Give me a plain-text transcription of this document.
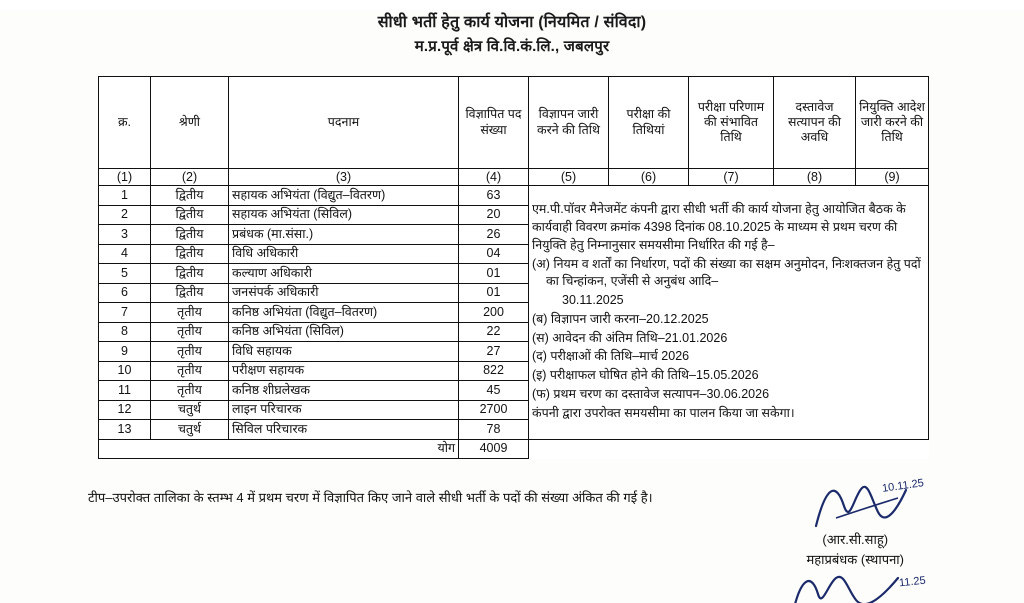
सीधी भर्ती हेतु कार्य योजना (नियमित / संविदा)
म.प्र.पूर्व क्षेत्र वि.वि.कं.लि., जबलपुर
क्र.	श्रेणी	पदनाम	विज्ञापित पद संख्या	विज्ञापन जारी करने की तिथि	परीक्षा की तिथियां	परीक्षा परिणाम की संभावित तिथि	दस्तावेज सत्यापन की अवधि	नियुक्ति आदेश जारी करने की तिथि
(1)	(2)	(3)	(4)	(5)	(6)	(7)	(8)	(9)
1	द्वितीय	सहायक अभियंता (विद्युत–वितरण)	63	

एम.पी.पॉवर मैनेजमेंट कंपनी द्वारा सीधी भर्ती की कार्य योजना हेतु आयोजित बैठक के कार्यवाही विवरण क्रमांक 4398 दिनांक 08.10.2025 के माध्यम से प्रथम चरण की नियुक्ति हेतु निम्नानुसार समयसीमा निर्धारित की गई है–

(अ) नियम व शर्तों का निर्धारण, पदों की संख्या का सक्षम अनुमोदन, निःशक्तजन हेतु पदों का चिन्हांकन, एजेंसी से अनुबंध आदि–

30.11.2025

(ब) विज्ञापन जारी करना–20.12.2025

(स) आवेदन की अंतिम तिथि–21.01.2026

(द) परीक्षाओं की तिथि–मार्च 2026

(इ) परीक्षाफल घोषित होने की तिथि–15.05.2026

(फ) प्रथम चरण का दस्तावेज सत्यापन–30.06.2026

कंपनी द्वारा उपरोक्त समयसीमा का पालन किया जा सकेगा।

2	द्वितीय	सहायक अभियंता (सिविल)	20					
3	द्वितीय	प्रबंधक (मा.संसा.)	26					
4	द्वितीय	विधि अधिकारी	04					
5	द्वितीय	कल्याण अधिकारी	01					
6	द्वितीय	जनसंपर्क अधिकारी	01					
7	तृतीय	कनिष्ठ अभियंता (विद्युत–वितरण)	200					
8	तृतीय	कनिष्ठ अभियंता (सिविल)	22					
9	तृतीय	विधि सहायक	27					
10	तृतीय	परीक्षण सहायक	822					
11	तृतीय	कनिष्ठ शीघ्रलेखक	45					
12	चतुर्थ	लाइन परिचारक	2700					
13	चतुर्थ	सिविल परिचारक	78					
योग			4009					
टीप–उपरोक्त तालिका के स्तम्भ 4 में प्रथम चरण में विज्ञापित किए जाने वाले सीधी भर्ती के पदों की संख्या अंकित की गई है।
10.11.25
(आर.सी.साहू)
महाप्रबंधक (स्थापना)
11.25
